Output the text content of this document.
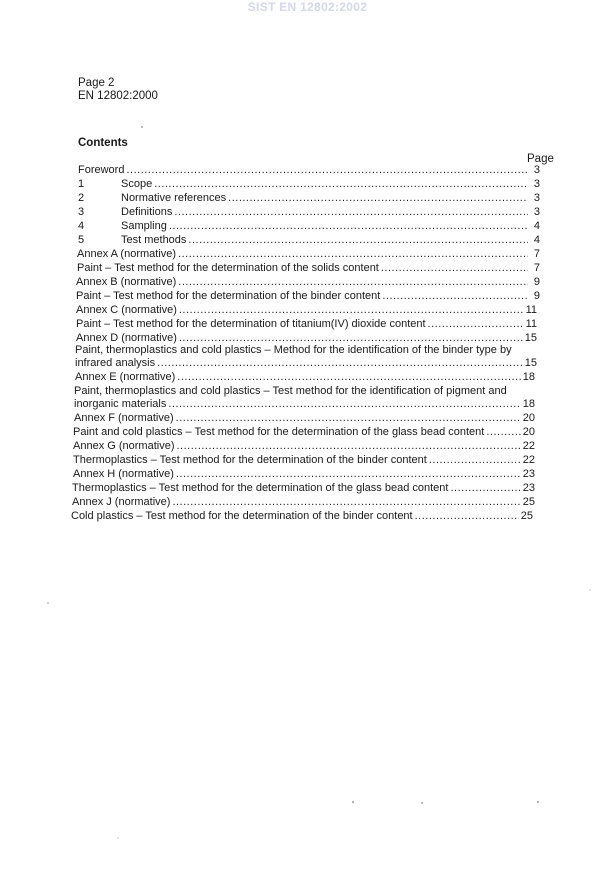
SIST EN 12802:2002
Page 2
EN 12802:2000
Contents
Page
Foreword .....	3
1	Scope .....	3
2	Normative references .....	3
3	Definitions .....	3
4	Sampling .....	4
5	Test methods .....	4
Annex A (normative) .....	7
Paint – Test method for the determination of the solids content .....	7
Annex B (normative) .....	9
Paint – Test method for the determination of the binder content .....	9
Annex C (normative) .....	11
Paint – Test method for the determination of titanium(IV) dioxide content .....	11
Annex D (normative) .....	15
Paint, thermoplastics and cold plastics – Method for the identification of the binder type by
infrared analysis .....	15
Annex E (normative) .....	18
Paint, thermoplastics and cold plastics – Test method for the identification of pigment and
inorganic materials .....	18
Annex F (normative) .....	20
Paint and cold plastics – Test method for the determination of the glass bead content .....	20
Annex G (normative) .....	22
Thermoplastics – Test method for the determination of the binder content .....	22
Annex H (normative) .....	23
Thermoplastics – Test method for the determination of the glass bead content .....	23
Annex J (normative) .....	25
Cold plastics – Test method for the determination of the binder content .....	25
